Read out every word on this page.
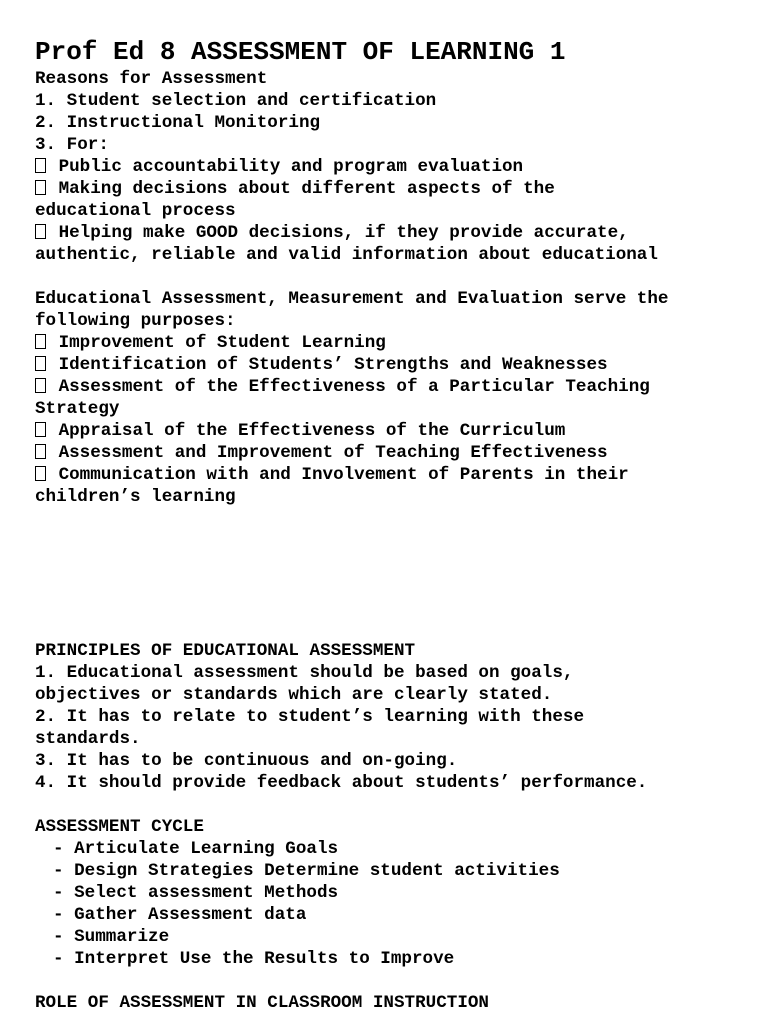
Prof Ed 8 ASSESSMENT OF LEARNING 1
Reasons for Assessment
1. Student selection and certification
2. Instructional Monitoring
3. For:
Public accountability and program evaluation
Making decisions about different aspects of the
educational process
Helping make GOOD decisions, if they provide accurate,
authentic, reliable and valid information about educational
Educational Assessment, Measurement and Evaluation serve the
following purposes:
Improvement of Student Learning
Identification of Students’ Strengths and Weaknesses
Assessment of the Effectiveness of a Particular Teaching
Strategy
Appraisal of the Effectiveness of the Curriculum
Assessment and Improvement of Teaching Effectiveness
Communication with and Involvement of Parents in their
children’s learning
PRINCIPLES OF EDUCATIONAL ASSESSMENT
1. Educational assessment should be based on goals,
objectives or standards which are clearly stated.
2. It has to relate to student’s learning with these
standards.
3. It has to be continuous and on-going.
4. It should provide feedback about students’ performance.
ASSESSMENT CYCLE
- Articulate Learning Goals
- Design Strategies Determine student activities
- Select assessment Methods
- Gather Assessment data
- Summarize
- Interpret Use the Results to Improve
ROLE OF ASSESSMENT IN CLASSROOM INSTRUCTION
